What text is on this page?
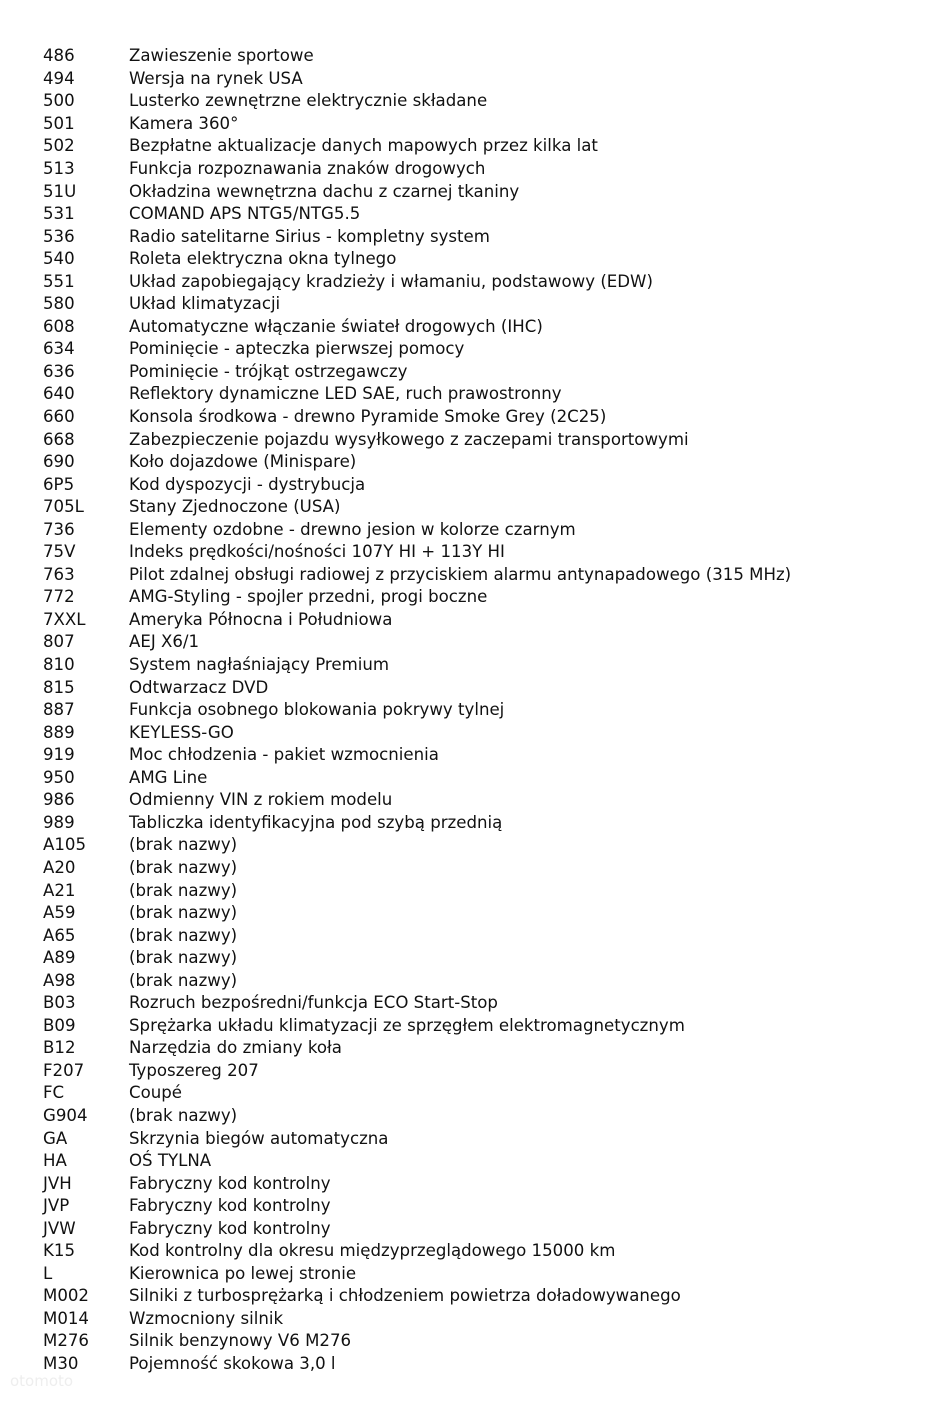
486	Zawieszenie sportowe
494	Wersja na rynek USA
500	Lusterko zewnętrzne elektrycznie składane
501	Kamera 360°
502	Bezpłatne aktualizacje danych mapowych przez kilka lat
513	Funkcja rozpoznawania znaków drogowych
51U	Okładzina wewnętrzna dachu z czarnej tkaniny
531	COMAND APS NTG5/NTG5.5
536	Radio satelitarne Sirius - kompletny system
540	Roleta elektryczna okna tylnego
551	Układ zapobiegający kradzieży i włamaniu, podstawowy (EDW)
580	Układ klimatyzacji
608	Automatyczne włączanie świateł drogowych (IHC)
634	Pominięcie - apteczka pierwszej pomocy
636	Pominięcie - trójkąt ostrzegawczy
640	Reflektory dynamiczne LED SAE, ruch prawostronny
660	Konsola środkowa - drewno Pyramide Smoke Grey (2C25)
668	Zabezpieczenie pojazdu wysyłkowego z zaczepami transportowymi
690	Koło dojazdowe (Minispare)
6P5	Kod dyspozycji - dystrybucja
705L	Stany Zjednoczone (USA)
736	Elementy ozdobne - drewno jesion w kolorze czarnym
75V	Indeks prędkości/nośności 107Y HI + 113Y HI
763	Pilot zdalnej obsługi radiowej z przyciskiem alarmu antynapadowego (315 MHz)
772	AMG-Styling - spojler przedni, progi boczne
7XXL	Ameryka Północna i Południowa
807	AEJ X6/1
810	System nagłaśniający Premium
815	Odtwarzacz DVD
887	Funkcja osobnego blokowania pokrywy tylnej
889	KEYLESS-GO
919	Moc chłodzenia - pakiet wzmocnienia
950	AMG Line
986	Odmienny VIN z rokiem modelu
989	Tabliczka identyfikacyjna pod szybą przednią
A105	(brak nazwy)
A20	(brak nazwy)
A21	(brak nazwy)
A59	(brak nazwy)
A65	(brak nazwy)
A89	(brak nazwy)
A98	(brak nazwy)
B03	Rozruch bezpośredni/funkcja ECO Start-Stop
B09	Sprężarka układu klimatyzacji ze sprzęgłem elektromagnetycznym
B12	Narzędzia do zmiany koła
F207	Typoszereg 207
FC	Coupé
G904	(brak nazwy)
GA	Skrzynia biegów automatyczna
HA	OŚ TYLNA
JVH	Fabryczny kod kontrolny
JVP	Fabryczny kod kontrolny
JVW	Fabryczny kod kontrolny
K15	Kod kontrolny dla okresu międzyprzeglądowego 15000 km
L	Kierownica po lewej stronie
M002	Silniki z turbosprężarką i chłodzeniem powietrza doładowywanego
M014	Wzmocniony silnik
M276	Silnik benzynowy V6 M276
M30	Pojemność skokowa 3,0 l
otomoto
